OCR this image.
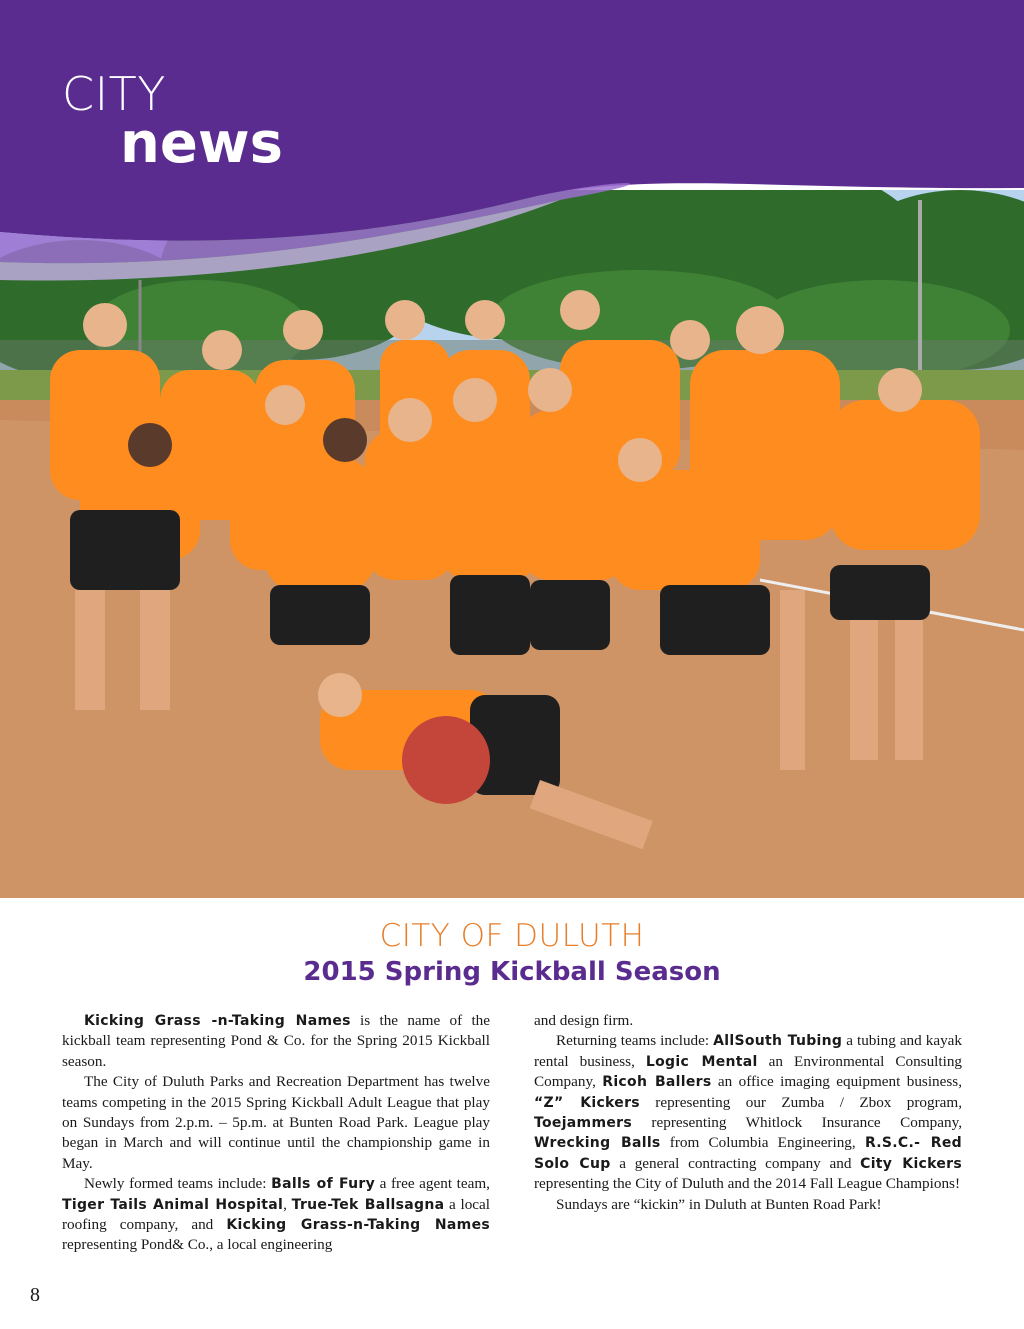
CITY
news
CITY OF DULUTH
2015 Spring Kickball Season

Kicking Grass -n-Taking Names is the name of the kickball team representing Pond & Co. for the Spring 2015 Kickball season.

The City of Duluth Parks and Recreation Department has twelve teams competing in the 2015 Spring Kickball Adult League that play on Sundays from 2.p.m. – 5p.m. at Bunten Road Park. League play began in March and will continue until the championship game in May.

Newly formed teams include: Balls of Fury a free agent team, Tiger Tails Animal Hospital, True-Tek Ballsagna a local roofing company, and Kicking Grass-n-Taking Names representing Pond& Co., a local engineering

and design firm.

Returning teams include: AllSouth Tubing a tubing and kayak rental business, Logic Mental an Environmental Consulting Company, Ricoh Ballers an office imaging equipment business, “Z” Kickers representing our Zumba / Zbox program, Toejammers representing Whitlock Insurance Company, Wrecking Balls from Columbia Engineering, R.S.C.- Red Solo Cup a general contracting company and City Kickers representing the City of Duluth and the 2014 Fall League Champions!

Sundays are “kickin” in Duluth at Bunten Road Park!

8
